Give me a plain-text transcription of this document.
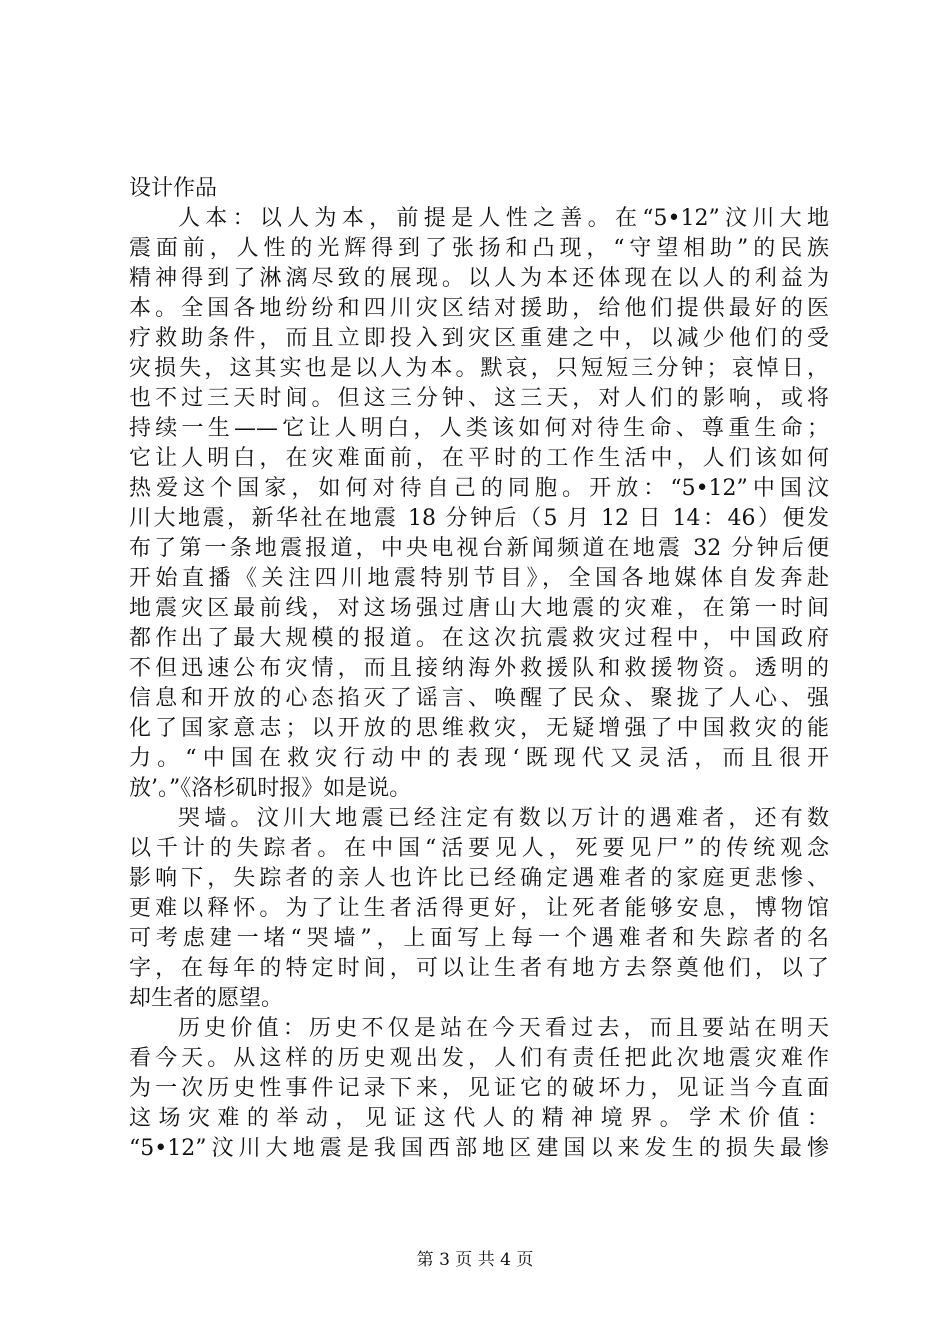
设计作品
人本：以人为本，前提是人性之善。在“5•12”汶川大地
震面前，人性的光辉得到了张扬和凸现，“守望相助”的民族
精神得到了淋漓尽致的展现。以人为本还体现在以人的利益为
本。全国各地纷纷和四川灾区结对援助，给他们提供最好的医
疗救助条件，而且立即投入到灾区重建之中，以减少他们的受
灾损失，这其实也是以人为本。默哀，只短短三分钟；哀悼日，
也不过三天时间。但这三分钟、这三天，对人们的影响，或将
持续一生——它让人明白，人类该如何对待生命、尊重生命；
它让人明白，在灾难面前，在平时的工作生活中，人们该如何
热爱这个国家，如何对待自己的同胞。开放：“5•12”中国汶
川大地震，新华社在地震 18 分钟后（5 月 12 日 14：46）便发
布了第一条地震报道，中央电视台新闻频道在地震 32 分钟后便
开始直播《关注四川地震特别节目》，全国各地媒体自发奔赴
地震灾区最前线，对这场强过唐山大地震的灾难，在第一时间
都作出了最大规模的报道。在这次抗震救灾过程中，中国政府
不但迅速公布灾情，而且接纳海外救援队和救援物资。透明的
信息和开放的心态掐灭了谣言、唤醒了民众、聚拢了人心、强
化了国家意志；以开放的思维救灾，无疑增强了中国救灾的能
力。“中国在救灾行动中的表现‘既现代又灵活，而且很开
放’。”《洛杉矶时报》如是说。
哭墙。汶川大地震已经注定有数以万计的遇难者，还有数
以千计的失踪者。在中国“活要见人，死要见尸”的传统观念
影响下，失踪者的亲人也许比已经确定遇难者的家庭更悲惨、
更难以释怀。为了让生者活得更好，让死者能够安息，博物馆
可考虑建一堵“哭墙”，上面写上每一个遇难者和失踪者的名
字，在每年的特定时间，可以让生者有地方去祭奠他们，以了
却生者的愿望。
历史价值：历史不仅是站在今天看过去，而且要站在明天
看今天。从这样的历史观出发，人们有责任把此次地震灾难作
为一次历史性事件记录下来，见证它的破坏力，见证当今直面
这场灾难的举动，见证这代人的精神境界。学术价值：
“5•12”汶川大地震是我国西部地区建国以来发生的损失最惨
第 3 页 共 4 页
